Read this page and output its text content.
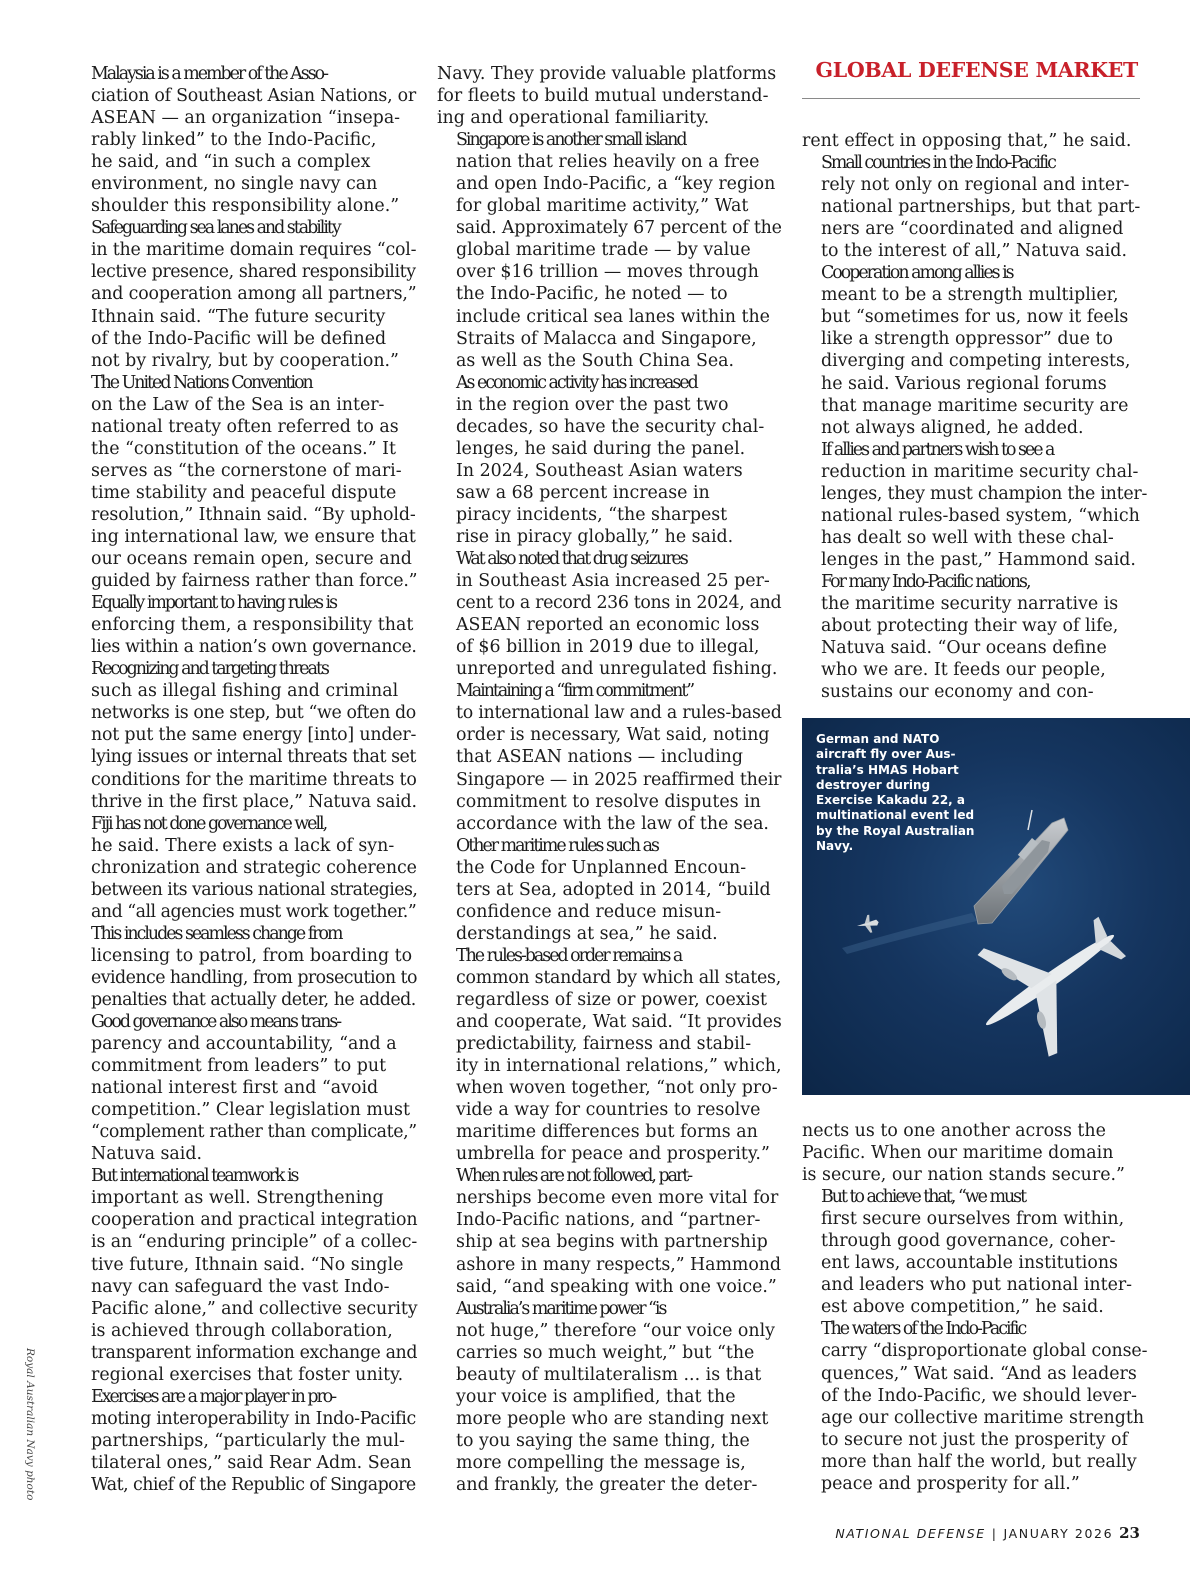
GLOBAL DEFENSE MARKET

Malaysia is a member of the Asso-
ciation of Southeast Asian Nations, or
ASEAN — an organization “insepa-
rably linked” to the Indo-Pacific,
he said, and “in such a complex
environment, no single navy can
shoulder this responsibility alone.”

Safeguarding sea lanes and stability
in the maritime domain requires “col-
lective presence, shared responsibility
and cooperation among all partners,”
Ithnain said. “The future security
of the Indo-Pacific will be defined
not by rivalry, but by cooperation.”

The United Nations Convention
on the Law of the Sea is an inter-
national treaty often referred to as
the “constitution of the oceans.” It
serves as “the cornerstone of mari-
time stability and peaceful dispute
resolution,” Ithnain said. “By uphold-
ing international law, we ensure that
our oceans remain open, secure and
guided by fairness rather than force.”

Equally important to having rules is
enforcing them, a responsibility that
lies within a nation’s own governance.

Recognizing and targeting threats
such as illegal fishing and criminal
networks is one step, but “we often do
not put the same energy [into] under-
lying issues or internal threats that set
conditions for the maritime threats to
thrive in the first place,” Natuva said.

Fiji has not done governance well,
he said. There exists a lack of syn-
chronization and strategic coherence
between its various national strategies,
and “all agencies must work together.”

This includes seamless change from
licensing to patrol, from boarding to
evidence handling, from prosecution to
penalties that actually deter, he added.

Good governance also means trans-
parency and accountability, “and a
commitment from leaders” to put
national interest first and “avoid
competition.” Clear legislation must
“complement rather than complicate,”
Natuva said.

But international teamwork is
important as well. Strengthening
cooperation and practical integration
is an “enduring principle” of a collec-
tive future, Ithnain said. “No single
navy can safeguard the vast Indo-
Pacific alone,” and collective security
is achieved through collaboration,
transparent information exchange and
regional exercises that foster unity.

Exercises are a major player in pro-
moting interoperability in Indo-Pacific
partnerships, “particularly the mul-
tilateral ones,” said Rear Adm. Sean
Wat, chief of the Republic of Singapore

Navy. They provide valuable platforms
for fleets to build mutual understand-
ing and operational familiarity.

Singapore is another small island
nation that relies heavily on a free
and open Indo-Pacific, a “key region
for global maritime activity,” Wat
said. Approximately 67 percent of the
global maritime trade — by value
over $16 trillion — moves through
the Indo-Pacific, he noted — to
include critical sea lanes within the
Straits of Malacca and Singapore,
as well as the South China Sea.

As economic activity has increased
in the region over the past two
decades, so have the security chal-
lenges, he said during the panel.
In 2024, Southeast Asian waters
saw a 68 percent increase in
piracy incidents, “the sharpest
rise in piracy globally,” he said.

Wat also noted that drug seizures
in Southeast Asia increased 25 per-
cent to a record 236 tons in 2024, and
ASEAN reported an economic loss
of $6 billion in 2019 due to illegal,
unreported and unregulated fishing.

Maintaining a “firm commitment”
to international law and a rules-based
order is necessary, Wat said, noting
that ASEAN nations — including
Singapore — in 2025 reaffirmed their
commitment to resolve disputes in
accordance with the law of the sea.

Other maritime rules such as
the Code for Unplanned Encoun-
ters at Sea, adopted in 2014, “build
confidence and reduce misun-
derstandings at sea,” he said.

The rules-based order remains a
common standard by which all states,
regardless of size or power, coexist
and cooperate, Wat said. “It provides
predictability, fairness and stabil-
ity in international relations,” which,
when woven together, “not only pro-
vide a way for countries to resolve
maritime differences but forms an
umbrella for peace and prosperity.”

When rules are not followed, part-
nerships become even more vital for
Indo-Pacific nations, and “partner-
ship at sea begins with partnership
ashore in many respects,” Hammond
said, “and speaking with one voice.”

Australia’s maritime power “is
not huge,” therefore “our voice only
carries so much weight,” but “the
beauty of multilateralism ... is that
your voice is amplified, that the
more people who are standing next
to you saying the same thing, the
more compelling the message is,
and frankly, the greater the deter-

rent effect in opposing that,” he said.

Small countries in the Indo-Pacific
rely not only on regional and inter-
national partnerships, but that part-
ners are “coordinated and aligned
to the interest of all,” Natuva said.

Cooperation among allies is
meant to be a strength multiplier,
but “sometimes for us, now it feels
like a strength oppressor” due to
diverging and competing interests,
he said. Various regional forums
that manage maritime security are
not always aligned, he added.

If allies and partners wish to see a
reduction in maritime security chal-
lenges, they must champion the inter-
national rules-based system, “which
has dealt so well with these chal-
lenges in the past,” Hammond said.

For many Indo-Pacific nations,
the maritime security narrative is
about protecting their way of life,
Natuva said. “Our oceans define
who we are. It feeds our people,
sustains our economy and con-

German and NATO
aircraft fly over Aus-
tralia’s HMAS Hobart
destroyer during
Exercise Kakadu 22, a
multinational event led
by the Royal Australian
Navy.

nects us to one another across the
Pacific. When our maritime domain
is secure, our nation stands secure.”

But to achieve that, “we must
first secure ourselves from within,
through good governance, coher-
ent laws, accountable institutions
and leaders who put national inter-
est above competition,” he said.

The waters of the Indo-Pacific
carry “disproportionate global conse-
quences,” Wat said. “And as leaders
of the Indo-Pacific, we should lever-
age our collective maritime strength
to secure not just the prosperity of
more than half the world, but really
peace and prosperity for all.”

Royal Australian Navy photo
NATIONAL DEFENSE | JANUARY 2026 23
